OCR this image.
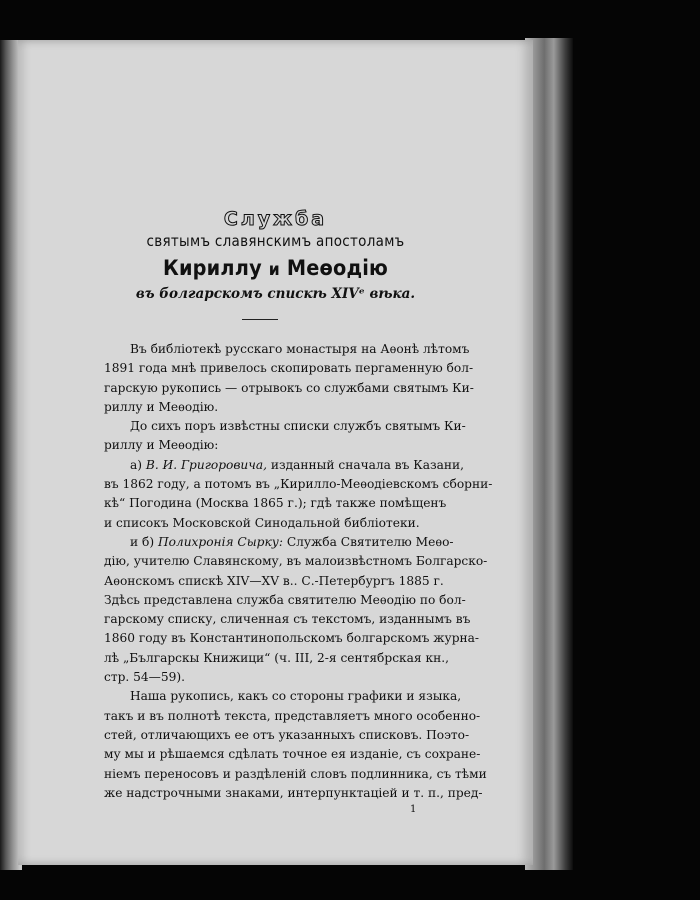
Служба
святымъ славянскимъ апостоламъ
Кириллу и Меѳодію
въ болгарскомъ спискѣ XIVᵉ вѣка.
Въ библіотекѣ русскаго монастыря на Аѳонѣ лѣтомъ
1891 года мнѣ привелось скопировать пергаменную бол-
гарскую рукопись — отрывокъ со службами святымъ Ки-
риллу и Меѳодію.
До сихъ поръ извѣстны списки службъ святымъ Ки-
риллу и Меѳодію:
а) В. И. Григоровича, изданный сначала въ Казани,
въ 1862 году, а потомъ въ „Кирилло-Меѳодіевскомъ сборни-
кѣ“ Погодина (Москва 1865 г.); гдѣ также помѣщенъ
и списокъ Московской Синодальной библіотеки.
и б) Полихронія Сырку: Служба Святителю Меѳо-
дію, учителю Славянскому, въ малоизвѣстномъ Болгарско-
Аѳонскомъ спискѣ XIV—XV в.. С.-Петербургъ 1885 г.
Здѣсь представлена служба святителю Меѳодію по бол-
гарскому списку, сличенная съ текстомъ, изданнымъ въ
1860 году въ Константинопольскомъ болгарскомъ журна-
лѣ „Българскы Книжици“ (ч. III, 2-я сентябрская кн.,
стр. 54—59).
Наша рукопись, какъ со стороны графики и языка,
такъ и въ полнотѣ текста, представляетъ много особенно-
стей, отличающихъ ее отъ указанныхъ списковъ. Поэто-
му мы и рѣшаемся сдѣлать точное ея изданіе, съ сохране-
ніемъ переносовъ и раздѣленій словъ подлинника, съ тѣми
же надстрочными знаками, интерпунктаціей и т. п., пред-
1
